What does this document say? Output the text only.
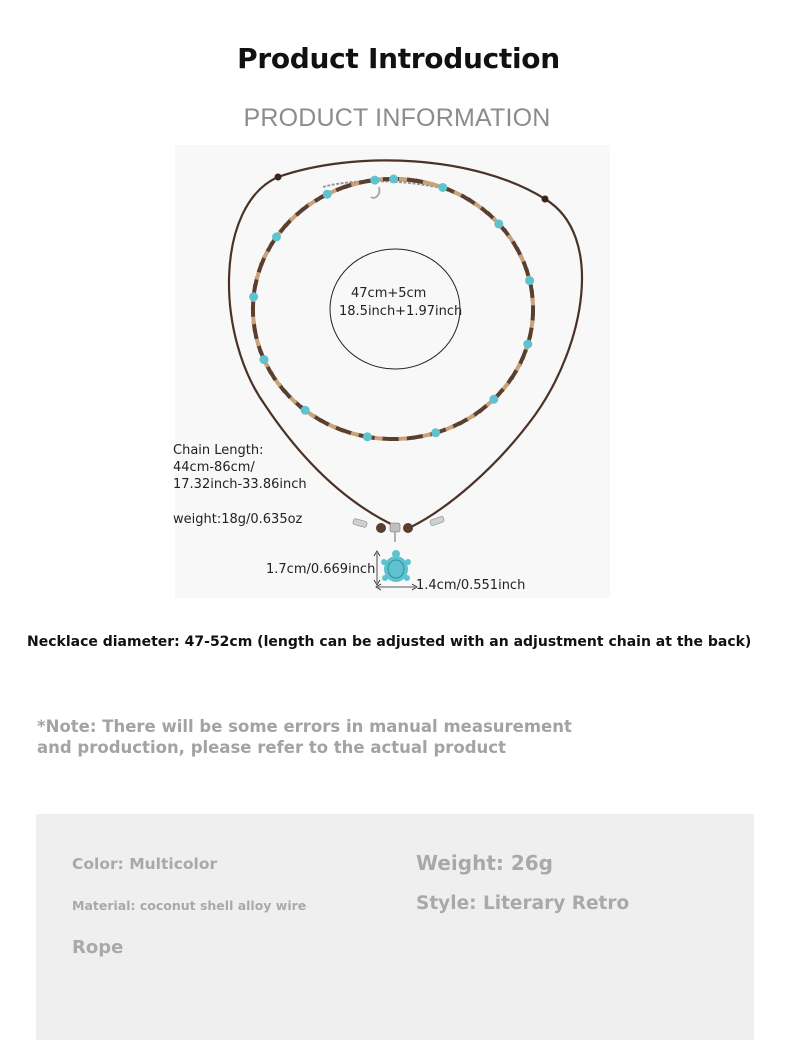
Product Introduction
PRODUCT INFORMATION
47cm+5cm
18.5inch+1.97inch
Chain Length:
44cm-86cm/
17.32inch-33.86inch
weight:18g/0.635oz
1.7cm/0.669inch
1.4cm/0.551inch
Necklace diameter: 47-52cm (length can be adjusted with an adjustment chain at the back)
*Note: There will be some errors in manual measurement and production, please refer to the actual product
Color: Multicolor
Material: coconut shell alloy wire
Rope
Weight: 26g
Style: Literary Retro
